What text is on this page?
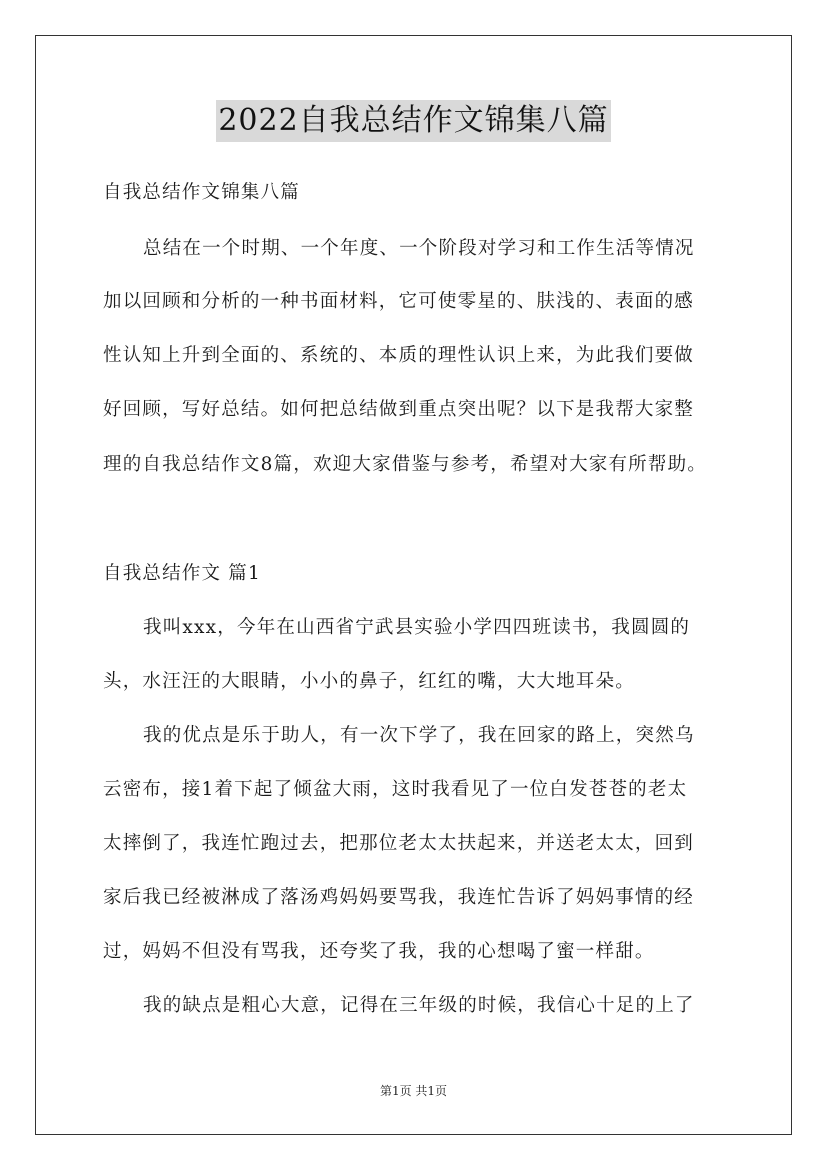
2022自我总结作文锦集八篇
自我总结作文锦集八篇
总结在一个时期、一个年度、一个阶段对学习和工作生活等情况
加以回顾和分析的一种书面材料，它可使零星的、肤浅的、表面的感
性认知上升到全面的、系统的、本质的理性认识上来，为此我们要做
好回顾，写好总结。如何把总结做到重点突出呢？以下是我帮大家整
理的自我总结作文8篇，欢迎大家借鉴与参考，希望对大家有所帮助。
自我总结作文 篇1
我叫xxx，今年在山西省宁武县实验小学四四班读书，我圆圆的
头，水汪汪的大眼睛，小小的鼻子，红红的嘴，大大地耳朵。
我的优点是乐于助人，有一次下学了，我在回家的路上，突然乌
云密布，接1着下起了倾盆大雨，这时我看见了一位白发苍苍的老太
太摔倒了，我连忙跑过去，把那位老太太扶起来，并送老太太，回到
家后我已经被淋成了落汤鸡妈妈要骂我，我连忙告诉了妈妈事情的经
过，妈妈不但没有骂我，还夸奖了我，我的心想喝了蜜一样甜。
我的缺点是粗心大意，记得在三年级的时候，我信心十足的上了
第1页 共1页
